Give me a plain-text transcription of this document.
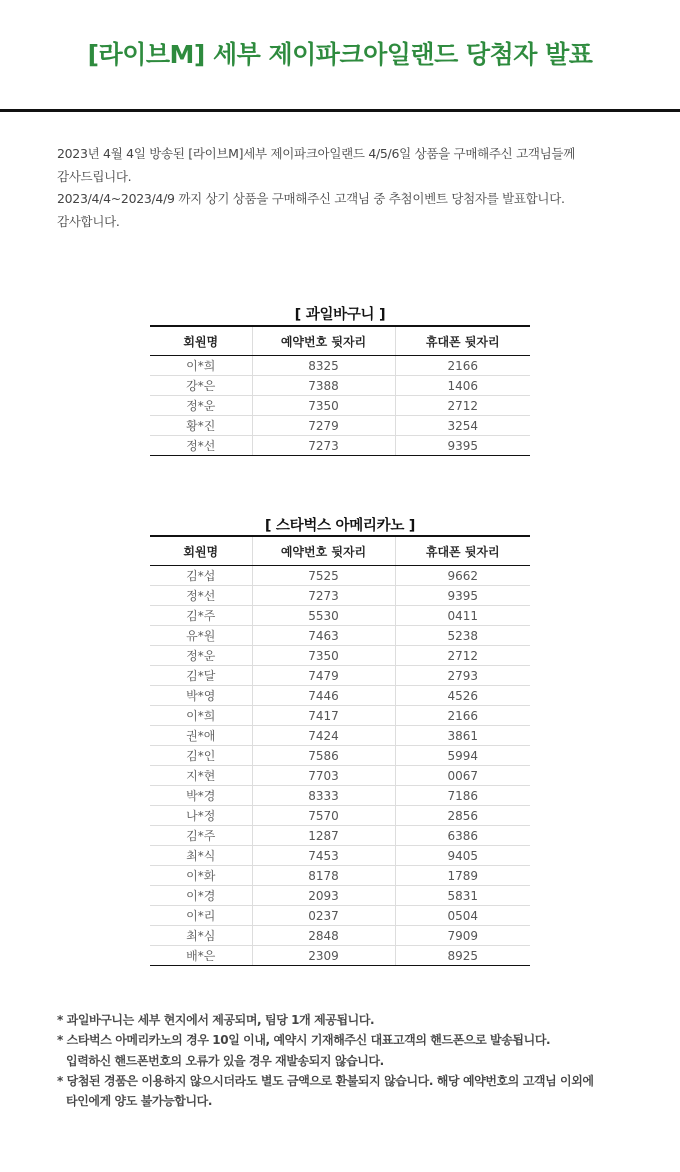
[라이브M] 세부 제이파크아일랜드 당첨자 발표

2023년 4월 4일 방송된 [라이브M]세부 제이파크아일랜드 4/5/6일 상품을 구매해주신 고객님들께

감사드립니다.

2023/4/4~2023/4/9 까지 상기 상품을 구매해주신 고객님 중 추첨이벤트 당첨자를 발표합니다.

감사합니다.

[ 과일바구니 ]
회원명	예약번호 뒷자리	휴대폰 뒷자리
이*희	8325	2166
강*은	7388	1406
정*운	7350	2712
황*진	7279	3254
정*선	7273	9395
[ 스타벅스 아메리카노 ]
회원명	예약번호 뒷자리	휴대폰 뒷자리
김*섭	7525	9662
정*선	7273	9395
김*주	5530	0411
유*원	7463	5238
정*운	7350	2712
김*달	7479	2793
박*영	7446	4526
이*희	7417	2166
권*애	7424	3861
김*인	7586	5994
지*현	7703	0067
박*경	8333	7186
나*정	7570	2856
김*주	1287	6386
최*식	7453	9405
이*화	8178	1789
이*경	2093	5831
이*리	0237	0504
최*심	2848	7909
배*은	2309	8925

* 과일바구니는 세부 현지에서 제공되며, 팀당 1개 제공됩니다.

* 스타벅스 아메리카노의 경우 10일 이내, 예약시 기재해주신 대표고객의 핸드폰으로 발송됩니다.
입력하신 핸드폰번호의 오류가 있을 경우 재발송되지 않습니다.

* 당첨된 경품은 이용하지 않으시더라도 별도 금액으로 환불되지 않습니다. 해당 예약번호의 고객님 이외에
타인에게 양도 불가능합니다.
